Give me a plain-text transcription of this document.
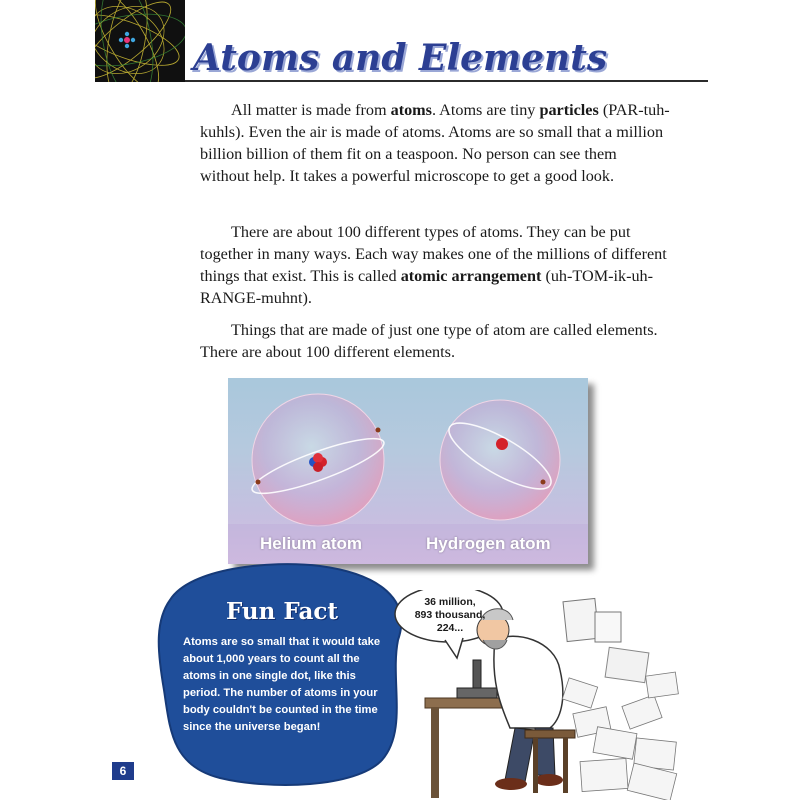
Atoms and Elements

All matter is made from atoms. Atoms are tiny particles (PAR-tuh-kuhls). Even the air is made of atoms. Atoms are so small that a million billion billion of them fit on a teaspoon. No person can see them without help. It takes a powerful microscope to get a good look.

There are about 100 different types of atoms. They can be put together in many ways. Each way makes one of the millions of different things that exist. This is called atomic arrangement (uh-TOM-ik-uh-RANGE-muhnt).

Things that are made of just one type of atom are called elements. There are about 100 different elements.

Helium atom	Hydrogen atom
Fun Fact

Atoms are so small that it would take about 1,000 years to count all the atoms in one single dot, like this period. The number of atoms in your body couldn't be counted in the time since the universe began!

36 million,
893 thousand,
224...
6
